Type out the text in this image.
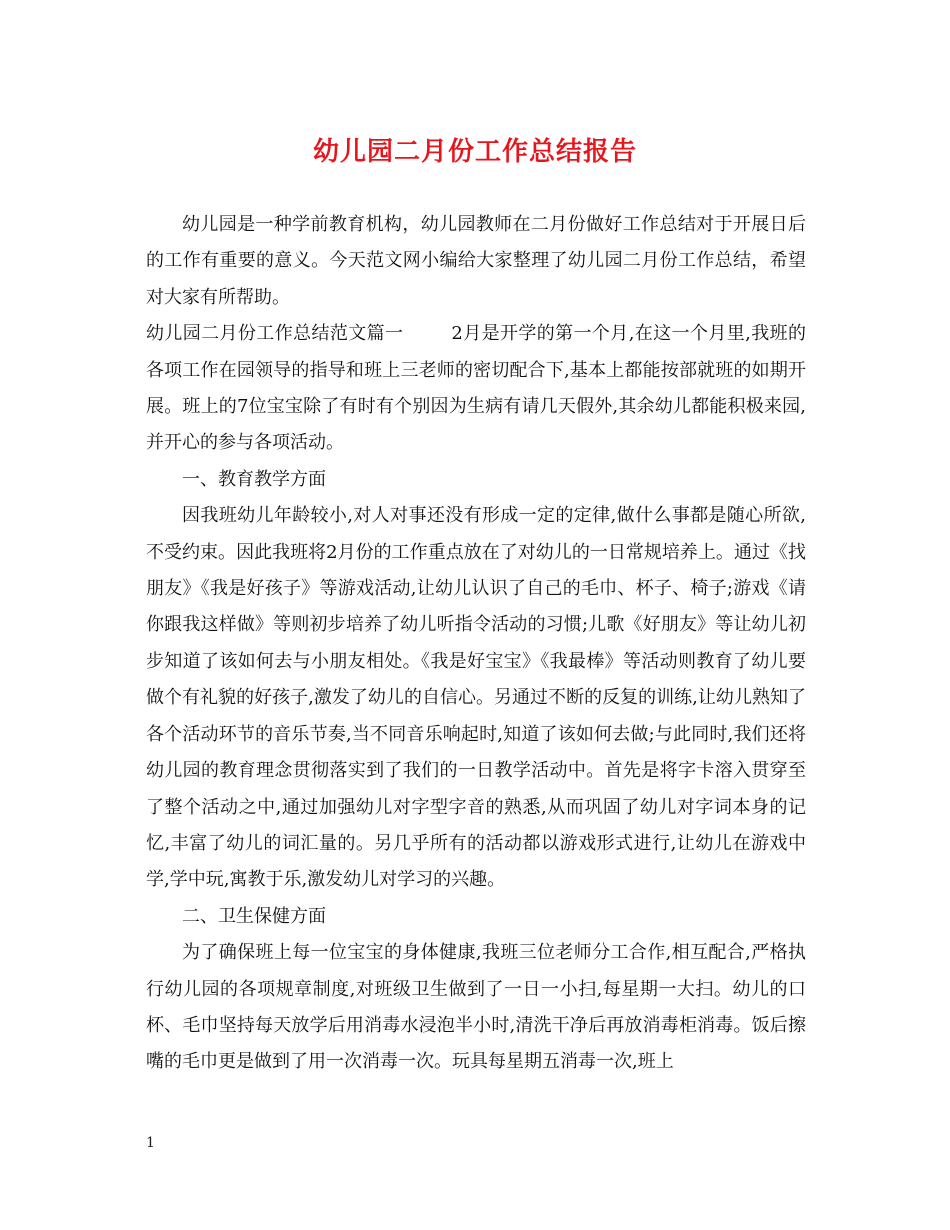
幼儿园二月份工作总结报告

幼儿园是一种学前教育机构，幼儿园教师在二月份做好工作总结对于开展日后的工作有重要的意义。今天范文网小编给大家整理了幼儿园二月份工作总结，希望对大家有所帮助。

幼儿园二月份工作总结范文篇一	2月是开学的第一个月,在这一个月里,我班的各项工作在园领导的指导和班上三老师的密切配合下,基本上都能按部就班的如期开展。班上的7位宝宝除了有时有个别因为生病有请几天假外,其余幼儿都能积极来园,并开心的参与各项活动。

一、教育教学方面

因我班幼儿年龄较小,对人对事还没有形成一定的定律,做什么事都是随心所欲,不受约束。因此我班将2月份的工作重点放在了对幼儿的一日常规培养上。通过《找朋友》《我是好孩子》等游戏活动,让幼儿认识了自己的毛巾、杯子、椅子;游戏《请你跟我这样做》等则初步培养了幼儿听指令活动的习惯;儿歌《好朋友》等让幼儿初步知道了该如何去与小朋友相处。《我是好宝宝》《我最棒》等活动则教育了幼儿要做个有礼貌的好孩子,激发了幼儿的自信心。另通过不断的反复的训练,让幼儿熟知了各个活动环节的音乐节奏,当不同音乐响起时,知道了该如何去做;与此同时,我们还将幼儿园的教育理念贯彻落实到了我们的一日教学活动中。首先是将字卡溶入贯穿至了整个活动之中,通过加强幼儿对字型字音的熟悉,从而巩固了幼儿对字词本身的记忆,丰富了幼儿的词汇量的。另几乎所有的活动都以游戏形式进行,让幼儿在游戏中学,学中玩,寓教于乐,激发幼儿对学习的兴趣。

二、卫生保健方面

为了确保班上每一位宝宝的身体健康,我班三位老师分工合作,相互配合,严格执行幼儿园的各项规章制度,对班级卫生做到了一日一小扫,每星期一大扫。幼儿的口杯、毛巾坚持每天放学后用消毒水浸泡半小时,清洗干净后再放消毒柜消毒。饭后擦嘴的毛巾更是做到了用一次消毒一次。玩具每星期五消毒一次,班上

1
